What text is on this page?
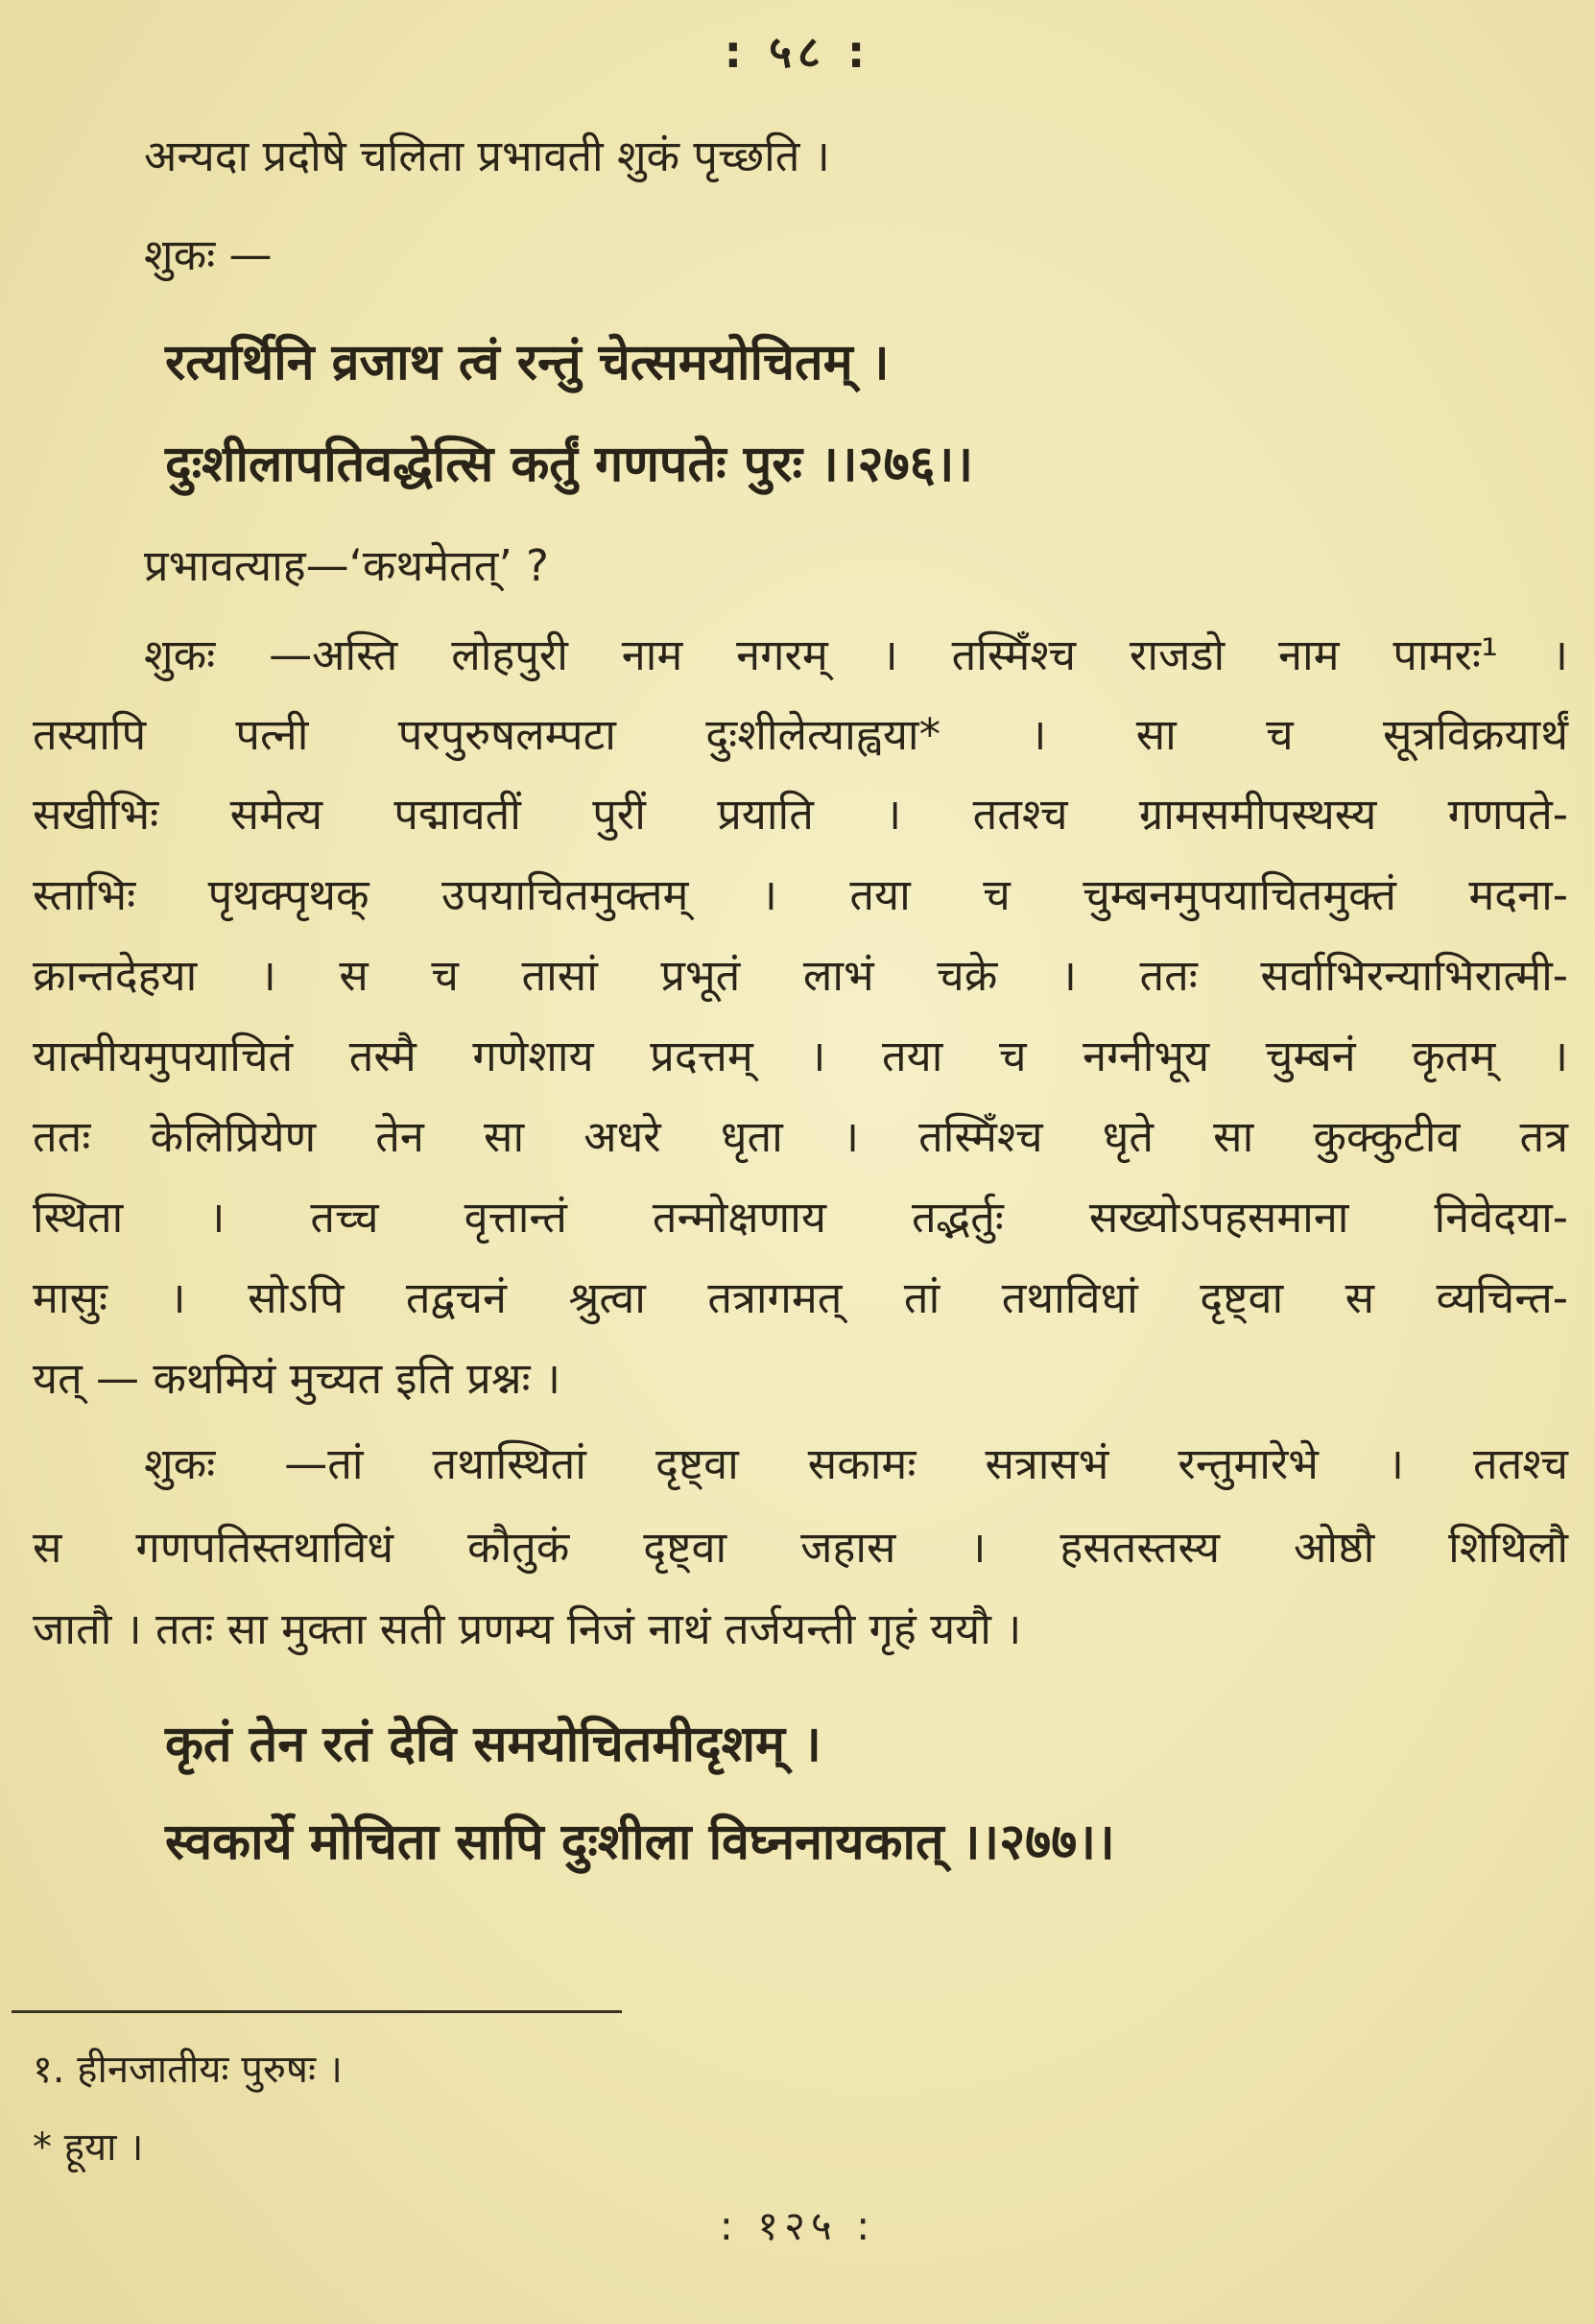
: ५८ :
अन्यदा प्रदोषे चलिता प्रभावती शुकं पृच्छति ।
शुकः —
रत्यर्थिनि व्रजाथ त्वं रन्तुं चेत्समयोचितम् ।
दुःशीलापतिवद्धेत्सि कर्तुं गणपतेः पुरः ।।२७६।।
प्रभावत्याह—‘कथमेतत्’ ?
शुकः —अस्ति लोहपुरी नाम नगरम् । तस्मिँश्च राजडो नाम पामरः¹ ।
तस्यापि पत्नी परपुरुषलम्पटा दुःशीलेत्याह्वया* । सा च सूत्रविक्रयार्थं
सखीभिः समेत्य पद्मावतीं पुरीं प्रयाति । ततश्च ग्रामसमीपस्थस्य गणपते-
स्ताभिः पृथक्पृथक् उपयाचितमुक्तम् । तया च चुम्बनमुपयाचितमुक्तं मदना-
क्रान्तदेहया । स च तासां प्रभूतं लाभं चक्रे । ततः सर्वाभिरन्याभिरात्मी-
यात्मीयमुपयाचितं तस्मै गणेशाय प्रदत्तम् । तया च नग्नीभूय चुम्बनं कृतम् ।
ततः केलिप्रियेण तेन सा अधरे धृता । तस्मिँश्च धृते सा कुक्कुटीव तत्र
स्थिता । तच्च वृत्तान्तं तन्मोक्षणाय तद्भर्तुः सख्योऽपहसमाना निवेदया-
मासुः । सोऽपि तद्वचनं श्रुत्वा तत्रागमत् तां तथाविधां दृष्ट्वा स व्यचिन्त-
यत् — कथमियं मुच्यत इति प्रश्नः ।
शुकः —तां तथास्थितां दृष्ट्वा सकामः सत्रासभं रन्तुमारेभे । ततश्च
स गणपतिस्तथाविधं कौतुकं दृष्ट्वा जहास । हसतस्तस्य ओष्ठौ शिथिलौ
जातौ । ततः सा मुक्ता सती प्रणम्य निजं नाथं तर्जयन्ती गृहं ययौ ।
कृतं तेन रतं देवि समयोचितमीदृशम् ।
स्वकार्ये मोचिता सापि दुःशीला विघ्ननायकात् ।।२७७।।
१. हीनजातीयः पुरुषः ।
* हूया ।
: १२५ :
